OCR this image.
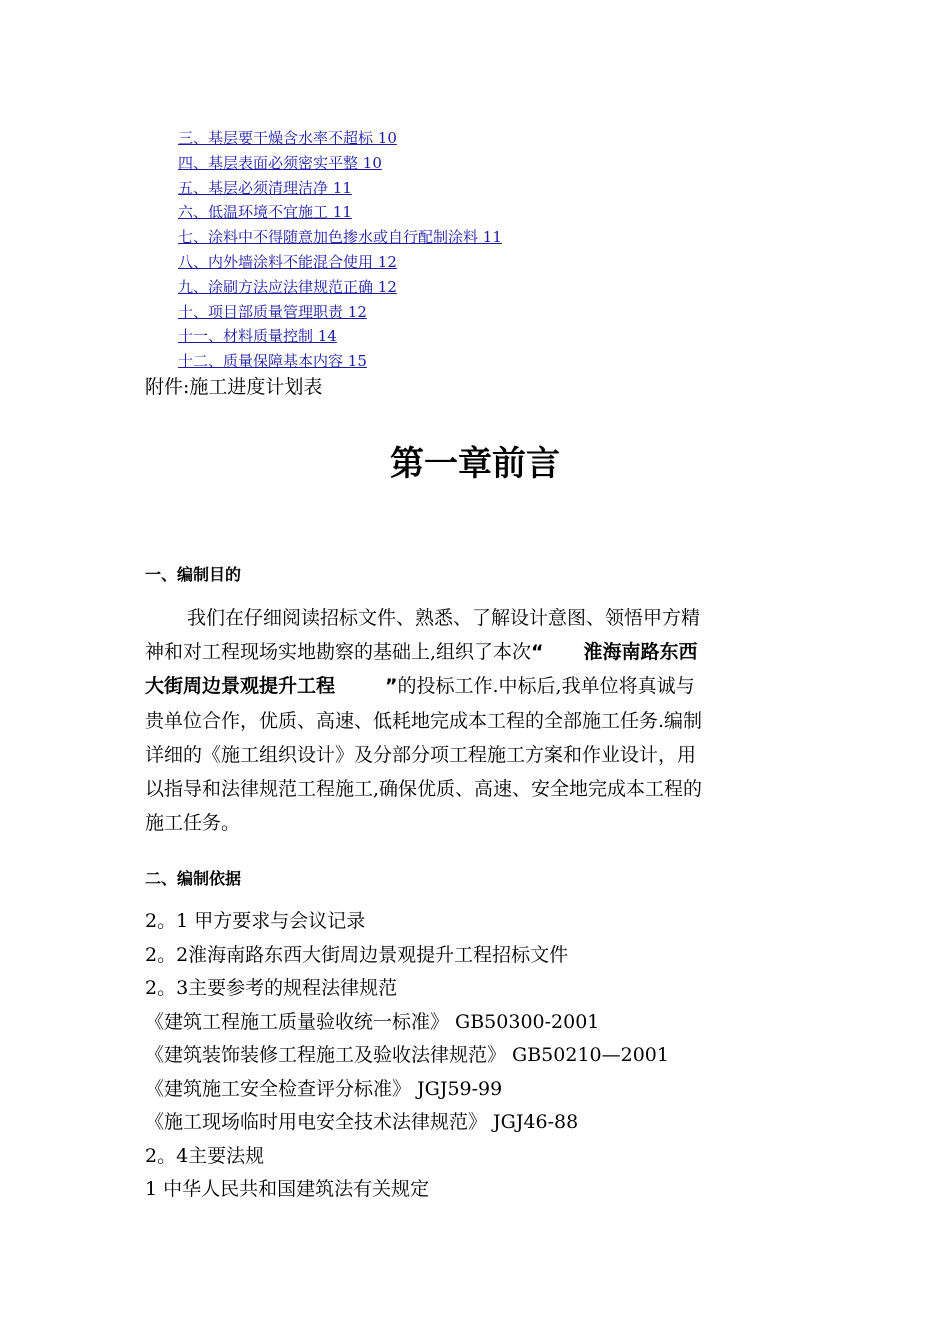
三、基层要干燥含水率不超标 10
四、基层表面必须密实平整 10
五、基层必须清理洁净 11
六、低温环境不宜施工 11
七、涂料中不得随意加色掺水或自行配制涂料 11
八、内外墙涂料不能混合使用 12
九、涂刷方法应法律规范正确 12
十、项目部质量管理职责 12
十一、材料质量控制 14
十二、质量保障基本内容 15
附件:施工进度计划表
第一章前言
一、编制目的
我们在仔细阅读招标文件、熟悉、了解设计意图、领悟甲方精
神和对工程现场实地勘察的基础上,组织了本次“ 淮海南路东西
大街周边景观提升工程	”的投标工作.中标后,我单位将真诚与
贵单位合作，优质、高速、低耗地完成本工程的全部施工任务.编制
详细的《施工组织设计》及分部分项工程施工方案和作业设计，用
以指导和法律规范工程施工,确保优质、高速、安全地完成本工程的
施工任务。
二、编制依据
2。1 甲方要求与会议记录
2。2淮海南路东西大街周边景观提升工程招标文件
2。3主要参考的规程法律规范
《建筑工程施工质量验收统一标准》 GB50300-2001
《建筑装饰装修工程施工及验收法律规范》 GB50210—2001
《建筑施工安全检查评分标准》 JGJ59-99
《施工现场临时用电安全技术法律规范》 JGJ46-88
2。4主要法规
1 中华人民共和国建筑法有关规定
